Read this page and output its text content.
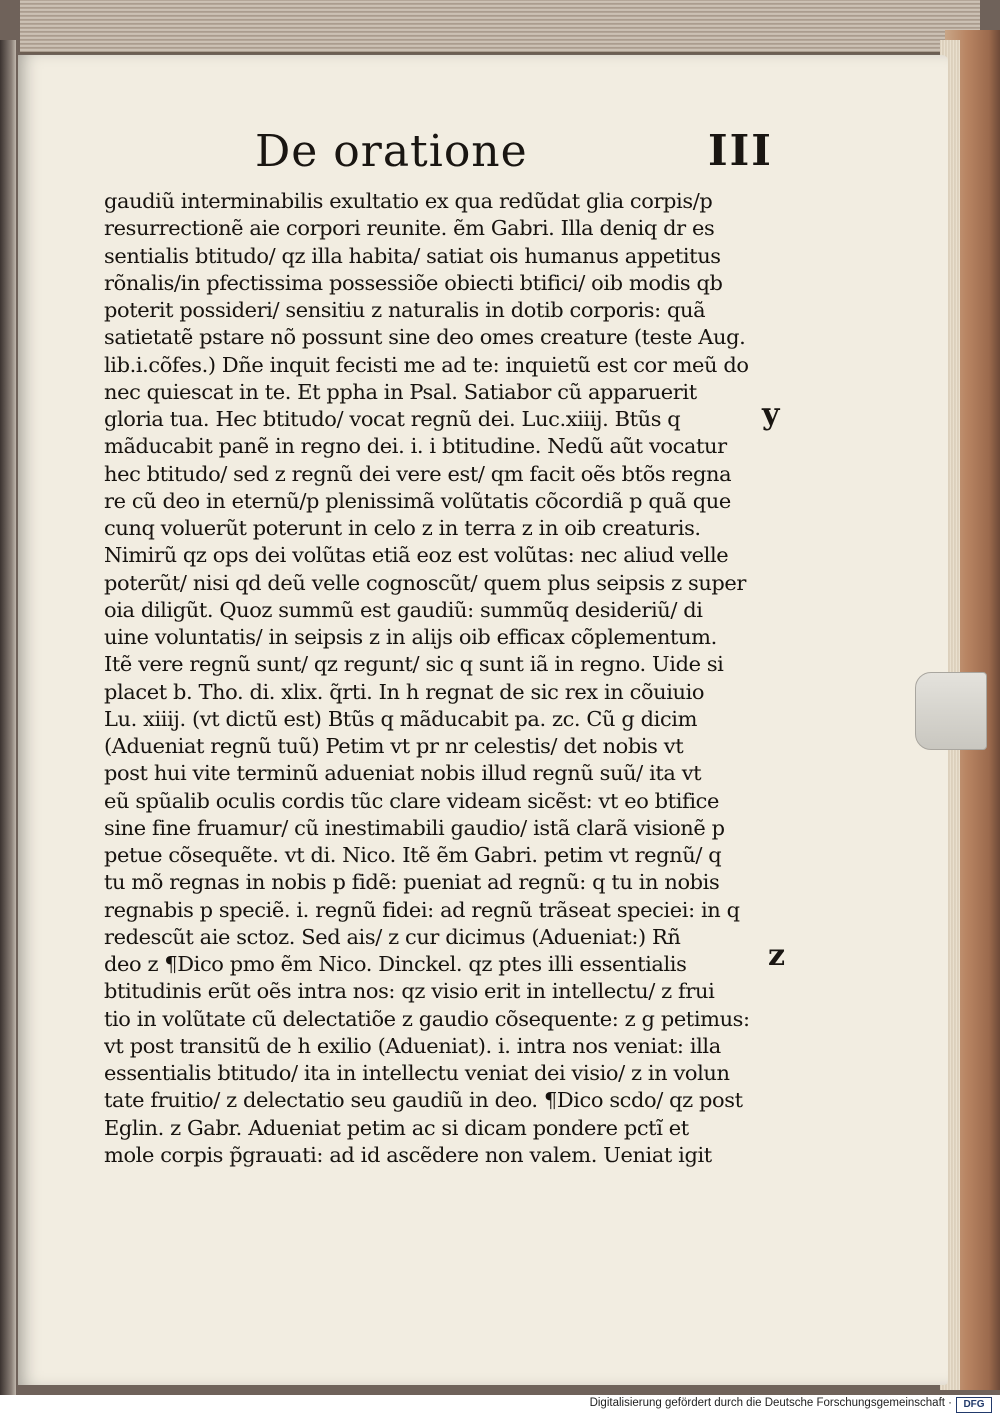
De oratione	III
gaudiũ interminabilis exultatio ex qua redũdat glia corpis/p
resurrectionẽ aie corpori reunite. ẽm Gabri. Illa deniq dr es
sentialis btitudo/ qz illa habita/ satiat ois humanus appetitus
rõnalis/in pfectissima possessiõe obiecti btifici/ oib modis qb
poterit possideri/ sensitiu z naturalis in dotib corporis: quã
satietatẽ pstare nõ possunt sine deo omes creature (teste Aug.
lib.i.cõfes.) Dñe inquit fecisti me ad te: inquietũ est cor meũ do
nec quiescat in te. Et ppha in Psal. Satiabor cũ apparuerit
gloria tua. Hec btitudo/ vocat regnũ dei. Luc.xiiij. Btũs q
mãducabit panẽ in regno dei. i. i btitudine. Nedũ aũt vocatur
hec btitudo/ sed z regnũ dei vere est/ qm facit oẽs btõs regna
re cũ deo in eternũ/p plenissimã volũtatis cõcordiã p quã que
cunq voluerũt poterunt in celo z in terra z in oib creaturis.
Nimirũ qz ops dei volũtas etiã eoz est volũtas: nec aliud velle
poterũt/ nisi qd deũ velle cognoscũt/ quem plus seipsis z super
oia diligũt. Quoz summũ est gaudiũ: summũq desideriũ/ di
uine voluntatis/ in seipsis z in alijs oib efficax cõplementum.
Itẽ vere regnũ sunt/ qz regunt/ sic q sunt iã in regno. Uide si
placet b. Tho. di. xlix. q̃rti. In h regnat de sic rex in cõuiuio
Lu. xiiij. (vt dictũ est) Btũs q mãducabit pa. zc. Cũ g dicim
(Adueniat regnũ tuũ) Petim vt pr nr celestis/ det nobis vt
post hui vite terminũ adueniat nobis illud regnũ suũ/ ita vt
eũ spũalib oculis cordis tũc clare videam sicẽst: vt eo btifice
sine fine fruamur/ cũ inestimabili gaudio/ istã clarã visionẽ p
petue cõsequẽte. vt di. Nico. Itẽ ẽm Gabri. petim vt regnũ/ q
tu mõ regnas in nobis p fidẽ: pueniat ad regnũ: q tu in nobis
regnabis p speciẽ. i. regnũ fidei: ad regnũ trãseat speciei: in q
redescũt aie sctoz. Sed ais/ z cur dicimus (Adueniat:) Rñ
deo z ¶Dico pmo ẽm Nico. Dinckel. qz ptes illi essentialis
btitudinis erũt oẽs intra nos: qz visio erit in intellectu/ z frui
tio in volũtate cũ delectatiõe z gaudio cõsequente: z g petimus:
vt post transitũ de h exilio (Adueniat). i. intra nos veniat: illa
essentialis btitudo/ ita in intellectu veniat dei visio/ z in volun
tate fruitio/ z delectatio seu gaudiũ in deo. ¶Dico scdo/ qz post
Eglin. z Gabr. Adueniat petim ac si dicam pondere pctĩ et
mole corpis p̃grauati: ad id ascẽdere non valem. Ueniat igit
y
z
Digitalisierung gefördert durch die Deutsche Forschungsgemeinschaft ·	DFG
